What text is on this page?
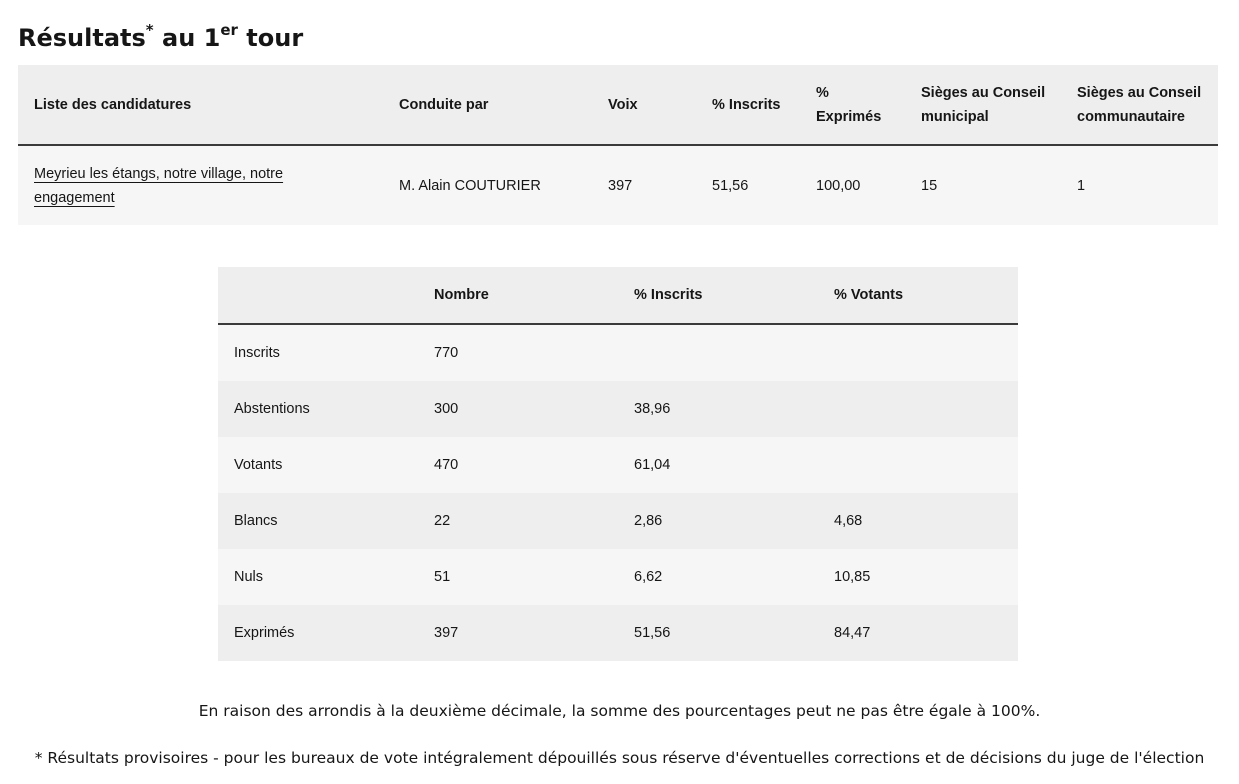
Résultats* au 1er tour
Liste des candidatures	Conduite par	Voix	% Inscrits	% Exprimés	Sièges au Conseil municipal	Sièges au Conseil communautaire
Meyrieu les étangs, notre village, notre engagement	M. Alain COUTURIER	397	51,56	100,00	15	1
	Nombre	% Inscrits	% Votants
Inscrits	770		
Abstentions	300	38,96	
Votants	470	61,04	
Blancs	22	2,86	4,68
Nuls	51	6,62	10,85
Exprimés	397	51,56	84,47

En raison des arrondis à la deuxième décimale, la somme des pourcentages peut ne pas être égale à 100%.

* Résultats provisoires - pour les bureaux de vote intégralement dépouillés sous réserve d'éventuelles corrections et de décisions du juge de l'élection
